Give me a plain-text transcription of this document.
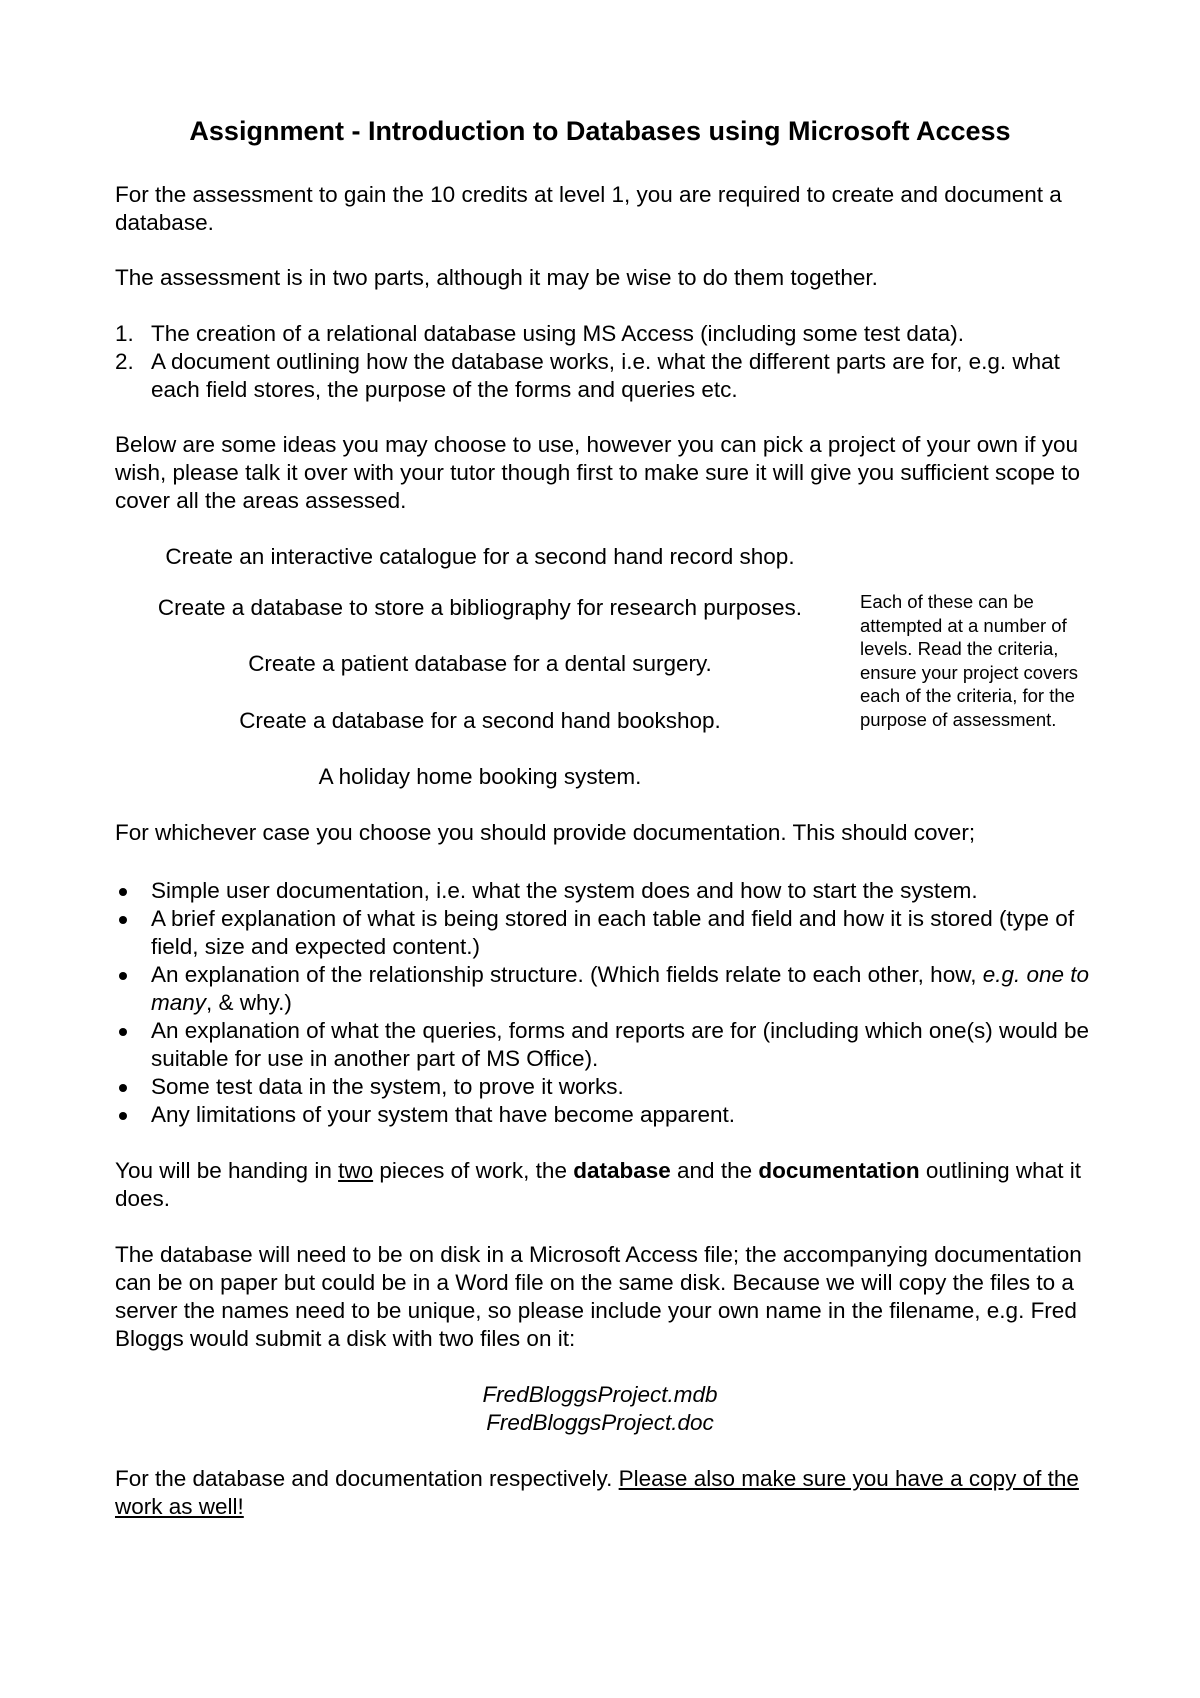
Assignment - Introduction to Databases using Microsoft Access

For the assessment to gain the 10 credits at level 1, you are required to create and document a database.

The assessment is in two parts, although it may be wise to do them together.

1. The creation of a relational database using MS Access (including some test data).
2. A document outlining how the database works, i.e. what the different parts are for, e.g. what each field stores, the purpose of the forms and queries etc.

Below are some ideas you may choose to use, however you can pick a project of your own if you wish, please talk it over with your tutor though first to make sure it will give you sufficient scope to cover all the areas assessed.

Create an interactive catalogue for a second hand record shop.

Create a database to store a bibliography for research purposes.

Create a patient database for a dental surgery.

Create a database for a second hand bookshop.

A holiday home booking system.

Each of these can be attempted at a number of levels. Read the criteria, ensure your project covers each of the criteria, for the purpose of assessment.

For whichever case you choose you should provide documentation. This should cover;

Simple user documentation, i.e. what the system does and how to start the system.
A brief explanation of what is being stored in each table and field and how it is stored (type of field, size and expected content.)
An explanation of the relationship structure. (Which fields relate to each other, how, e.g. one to many, & why.)
An explanation of what the queries, forms and reports are for (including which one(s) would be suitable for use in another part of MS Office).
Some test data in the system, to prove it works.
Any limitations of your system that have become apparent.

You will be handing in two pieces of work, the database and the documentation outlining what it does.

The database will need to be on disk in a Microsoft Access file; the accompanying documentation can be on paper but could be in a Word file on the same disk. Because we will copy the files to a server the names need to be unique, so please include your own name in the filename, e.g. Fred Bloggs would submit a disk with two files on it:

FredBloggsProject.mdb
FredBloggsProject.doc

For the database and documentation respectively. Please also make sure you have a copy of the work as well!
